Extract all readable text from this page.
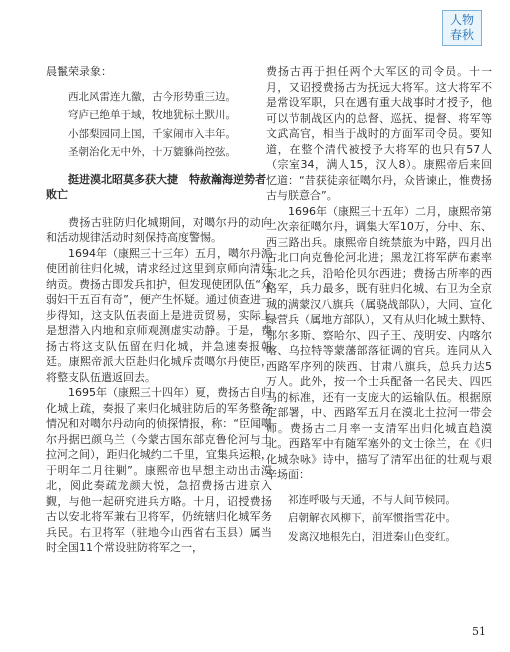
人物
春秋

晨鬣荣录象：

西北风雷连九徼，古今形势重三边。

穹庐已绝单于域，牧地犹标土默川。

小部梨园同上国，千家闹市入丰年。

圣朝治化无中外，十万貔貅尚控弦。

挺进漠北昭莫多获大捷　特赦瀚海逆势者败亡

费扬古驻防归化城期间，对噶尔丹的动向和活动规律活动时刻保持高度警惕。

1694年（康熙三十三年）五月，噶尔丹派使团前往归化城，请求经过这里到京师向清廷纳贡。费扬古即发兵扣护，但发现使团队伍“众弱妇干五百有奇”，便产生怀疑。通过侦查进一步得知，这支队伍表面上是进贡贸易，实际上是想潜入内地和京师观测虚实动静。于是，费扬古将这支队伍留在归化城，并急速奏报朝廷。康熙帝派大臣赴归化城斥责噶尔丹使臣，将整支队伍遣返回去。

1695年（康熙三十四年）夏，费扬古自归化城上疏，奏报了来归化城驻防后的军务整备情况和对噶尔丹动向的侦探情报，称：“臣闻噶尔丹据巴颜乌兰（今蒙古国东部克鲁伦河与土拉河之间），距归化城约二千里，宜集兵运粮，于明年二月往剿”。康熙帝也早想主动出击漠北，阅此奏疏龙颜大悦，急招费扬古进京入觐，与他一起研究进兵方略。十月，诏授费扬古以安北将军兼右卫将军，仍统辖归化城军务兵民。右卫将军（驻地今山西省右玉县）属当时全国11个常设驻防将军之一，

费扬古再于担任两个大军区的司令员。十一月，又诏授费扬古为抚远大将军。这大将军不是常设军职，只在遇有重大战事时才授予，他可以节制战区内的总督、巡抚、提督、将军等文武高官，相当于战时的方面军司令员。要知道，在整个清代被授予大将军的也只有57人（宗室34，满人15，汉人8）。康熙帝后来回忆道：“昔获徒亲征噶尔丹，众皆谏止，惟费扬古与朕意合”。

1696年（康熙三十五年）二月，康熙帝第二次亲征噶尔丹，调集大军10万，分中、东、西三路出兵。康熙帝自统禁旅为中路，四月出古北口向克鲁伦河北进；黑龙江将军萨布素率东北之兵，沿哈伦贝尔西进；费扬古所率的西路军，兵力最多，既有驻归化城、右卫为全京城的满蒙汉八旗兵（属骁战部队），大同、宣化绿营兵（属地方部队），又有从归化城土默特、鄂尔多斯、察哈尔、四子王、茂明安、内喀尔喀、乌拉特等蒙藩部落征调的官兵。连同从入西路军序列的陕西、甘肃八旗兵，总兵力达5万人。此外，按一个士兵配备一名民夫、四匹马的标准，还有一支庞大的运输队伍。根据原定部署，中、西路军五月在漠北土拉河一带会师。费扬古二月率一支清军出归化城直趋漠北。西路军中有随军塞外的文士徐兰，在《归化城杂咏》诗中，描写了清军出征的壮观与艰辛场面：

祁连呼吸与天通，不与人间节候同。

启朝解衣风柳下，前军惯指雪花中。

发离汉地根先白，泪迸秦山色变红。

51
